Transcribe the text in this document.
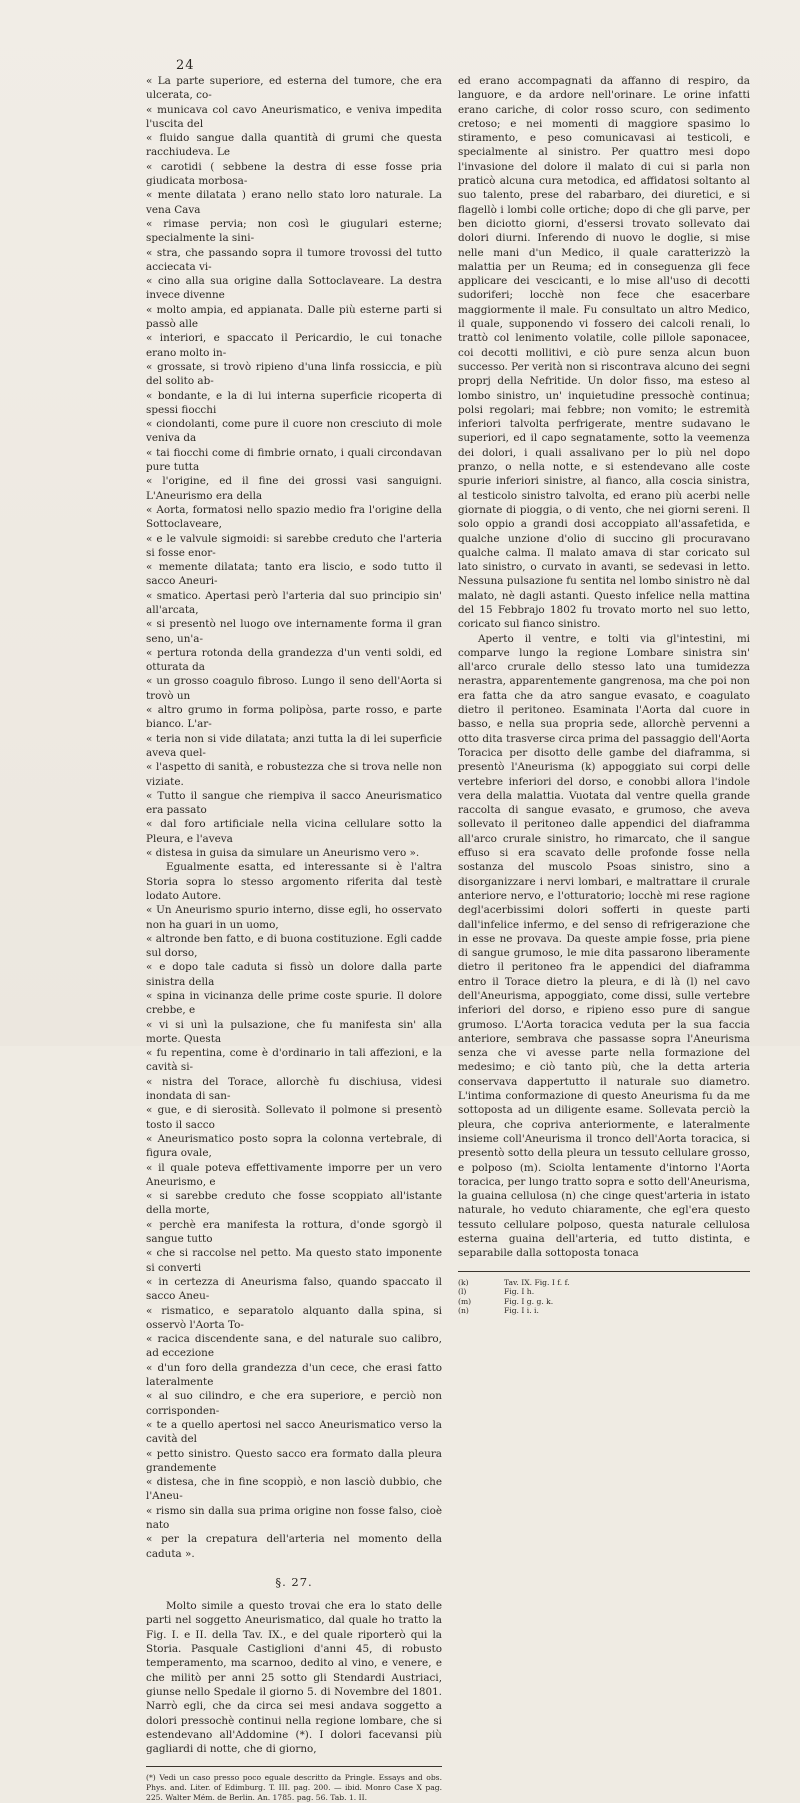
24
« La parte superiore, ed esterna del tumore, che era ulcerata, co-
« municava col cavo Aneurismatico, e veniva impedita l'uscita del
« fluido sangue dalla quantità di grumi che questa racchiudeva. Le
« carotidi ( sebbene la destra di esse fosse pria giudicata morbosa-
« mente dilatata ) erano nello stato loro naturale. La vena Cava
« rimase pervia; non così le giugulari esterne; specialmente la sini-
« stra, che passando sopra il tumore trovossi del tutto acciecata vi-
« cino alla sua origine dalla Sottoclaveare. La destra invece divenne
« molto ampia, ed appianata. Dalle più esterne parti si passò alle
« interiori, e spaccato il Pericardio, le cui tonache erano molto in-
« grossate, si trovò ripieno d'una linfa rossiccia, e più del solito ab-
« bondante, e la di lui interna superficie ricoperta di spessi fiocchi
« ciondolanti, come pure il cuore non cresciuto di mole veniva da
« tai fiocchi come di fimbrie ornato, i quali circondavan pure tutta
« l'origine, ed il fine dei grossi vasi sanguigni. L'Aneurismo era della
« Aorta, formatosi nello spazio medio fra l'origine della Sottoclaveare,
« e le valvule sigmoidi: si sarebbe creduto che l'arteria si fosse enor-
« memente dilatata; tanto era liscio, e sodo tutto il sacco Aneuri-
« smatico. Apertasi però l'arteria dal suo principio sin' all'arcata,
« si presentò nel luogo ove internamente forma il gran seno, un'a-
« pertura rotonda della grandezza d'un venti soldi, ed otturata da
« un grosso coagulo fibroso. Lungo il seno dell'Aorta si trovò un
« altro grumo in forma polipòsa, parte rosso, e parte bianco. L'ar-
« teria non si vide dilatata; anzi tutta la di lei superficie aveva quel-
« l'aspetto di sanità, e robustezza che si trova nelle non viziate.
« Tutto il sangue che riempiva il sacco Aneurismatico era passato
« dal foro artificiale nella vicina cellulare sotto la Pleura, e l'aveva
« distesa in guisa da simulare un Aneurismo vero ».

Egualmente esatta, ed interessante si è l'altra Storia sopra lo stesso argomento riferita dal testè lodato Autore.

« Un Aneurismo spurio interno, disse egli, ho osservato non ha guari in un uomo,
« altronde ben fatto, e di buona costituzione. Egli cadde sul dorso,
« e dopo tale caduta si fissò un dolore dalla parte sinistra della
« spina in vicinanza delle prime coste spurie. Il dolore crebbe, e
« vi si unì la pulsazione, che fu manifesta sin' alla morte. Questa
« fu repentina, come è d'ordinario in tali affezioni, e la cavità si-
« nistra del Torace, allorchè fu dischiusa, videsi inondata di san-
« gue, e di sierosità. Sollevato il polmone si presentò tosto il sacco
« Aneurismatico posto sopra la colonna vertebrale, di figura ovale,
« il quale poteva effettivamente imporre per un vero Aneurismo, e
« si sarebbe creduto che fosse scoppiato all'istante della morte,
« perchè era manifesta la rottura, d'onde sgorgò il sangue tutto
« che si raccolse nel petto. Ma questo stato imponente si converti
« in certezza di Aneurisma falso, quando spaccato il sacco Aneu-
« rismatico, e separatolo alquanto dalla spina, si osservò l'Aorta To-
« racica discendente sana, e del naturale suo calibro, ad eccezione
« d'un foro della grandezza d'un cece, che erasi fatto lateralmente
« al suo cilindro, e che era superiore, e perciò non corrisponden-
« te a quello apertosi nel sacco Aneurismatico verso la cavità del
« petto sinistro. Questo sacco era formato dalla pleura grandemente
« distesa, che in fine scoppiò, e non lasciò dubbio, che l'Aneu-
« rismo sin dalla sua prima origine non fosse falso, cioè nato
« per la crepatura dell'arteria nel momento della caduta ».
§. 27.

Molto simile a questo trovai che era lo stato delle parti nel soggetto Aneurismatico, dal quale ho tratto la Fig. I. e II. della Tav. IX., e del quale riporterò qui la Storia. Pasquale Castiglioni d'anni 45, di robusto temperamento, ma scarnoo, dedito al vino, e venere, e che militò per anni 25 sotto gli Stendardi Austriaci, giunse nello Spedale il giorno 5. di Novembre del 1801. Narrò egli, che da circa sei mesi andava soggetto a dolori pressochè continui nella regione lombare, che si estendevano all'Addomine (*). I dolori facevansi più gagliardi di notte, che di giorno,

(*) Vedi un caso presso poco eguale descritto da Pringle. Essays and obs. Phys. and. Liter. of Edimburg. T. III. pag. 200. — ibid. Monro Case X pag. 225. Walter Mém. de Berlin. An. 1785. pag. 56. Tab. 1. II.

ed erano accompagnati da affanno di respiro, da languore, e da ardore nell'orinare. Le orine infatti erano cariche, di color rosso scuro, con sedimento cretoso; e nei momenti di maggiore spasimo lo stiramento, e peso comunicavasi ai testicoli, e specialmente al sinistro. Per quattro mesi dopo l'invasione del dolore il malato di cui si parla non praticò alcuna cura metodica, ed affidatosi soltanto al suo talento, prese del rabarbaro, dei diuretici, e si flagellò i lombi colle ortiche; dopo di che gli parve, per ben diciotto giorni, d'essersi trovato sollevato dai dolori diurni. Inferendo di nuovo le doglie, si mise nelle mani d'un Medico, il quale caratterizzò la malattia per un Reuma; ed in conseguenza gli fece applicare dei vescicanti, e lo mise all'uso di decotti sudoriferi; locchè non fece che esacerbare maggiormente il male. Fu consultato un altro Medico, il quale, supponendo vi fossero dei calcoli renali, lo trattò col lenimento volatile, colle pillole saponacee, coi decotti mollitivi, e ciò pure senza alcun buon successo. Per verità non si riscontrava alcuno dei segni proprj della Nefritide. Un dolor fisso, ma esteso al lombo sinistro, un' inquietudine pressochè continua; polsi regolari; mai febbre; non vomito; le estremità inferiori talvolta perfrigerate, mentre sudavano le superiori, ed il capo segnatamente, sotto la veemenza dei dolori, i quali assalivano per lo più nel dopo pranzo, o nella notte, e si estendevano alle coste spurie inferiori sinistre, al fianco, alla coscia sinistra, al testicolo sinistro talvolta, ed erano più acerbi nelle giornate di pioggia, o di vento, che nei giorni sereni. Il solo oppio a grandi dosi accoppiato all'assafetida, e qualche unzione d'olio di succino gli procuravano qualche calma. Il malato amava di star coricato sul lato sinistro, o curvato in avanti, se sedevasi in letto. Nessuna pulsazione fu sentita nel lombo sinistro nè dal malato, nè dagli astanti. Questo infelice nella mattina del 15 Febbrajo 1802 fu trovato morto nel suo letto, coricato sul fianco sinistro.

Aperto il ventre, e tolti via gl'intestini, mi comparve lungo la regione Lombare sinistra sin' all'arco crurale dello stesso lato una tumidezza nerastra, apparentemente gangrenosa, ma che poi non era fatta che da atro sangue evasato, e coagulato dietro il peritoneo. Esaminata l'Aorta dal cuore in basso, e nella sua propria sede, allorchè pervenni a otto dita trasverse circa prima del passaggio dell'Aorta Toracica per disotto delle gambe del diaframma, si presentò l'Aneurisma (k) appoggiato sui corpi delle vertebre inferiori del dorso, e conobbi allora l'indole vera della malattia. Vuotata dal ventre quella grande raccolta di sangue evasato, e grumoso, che aveva sollevato il peritoneo dalle appendici del diaframma all'arco crurale sinistro, ho rimarcato, che il sangue effuso si era scavato delle profonde fosse nella sostanza del muscolo Psoas sinistro, sino a disorganizzare i nervi lombari, e maltrattare il crurale anteriore nervo, e l'otturatorio; locchè mi rese ragione degl'acerbissimi dolori sofferti in queste parti dall'infelice infermo, e del senso di refrigerazione che in esse ne provava. Da queste ampie fosse, pria piene di sangue grumoso, le mie dita passarono liberamente dietro il peritoneo fra le appendici del diaframma entro il Torace dietro la pleura, e di là (l) nel cavo dell'Aneurisma, appoggiato, come dissi, sulle vertebre inferiori del dorso, e ripieno esso pure di sangue grumoso. L'Aorta toracica veduta per la sua faccia anteriore, sembrava che passasse sopra l'Aneurisma senza che vi avesse parte nella formazione del medesimo; e ciò tanto più, che la detta arteria conservava dappertutto il naturale suo diametro. L'intima conformazione di questo Aneurisma fu da me sottoposta ad un diligente esame. Sollevata perciò la pleura, che copriva anteriormente, e lateralmente insieme coll'Aneurisma il tronco dell'Aorta toracica, si presentò sotto della pleura un tessuto cellulare grosso, e polposo (m). Sciolta lentamente d'intorno l'Aorta toracica, per lungo tratto sopra e sotto dell'Aneurisma, la guaina cellulosa (n) che cinge quest'arteria in istato naturale, ho veduto chiaramente, che egl'era questo tessuto cellulare polposo, questa naturale cellulosa esterna guaina dell'arteria, ed tutto distinta, e separabile dalla sottoposta tonaca

(k)	Tav. IX. Fig. I f. f.
(l)	Fig. I h.
(m)	Fig. I g. g. k.
(n)	Fig. I i. i.
